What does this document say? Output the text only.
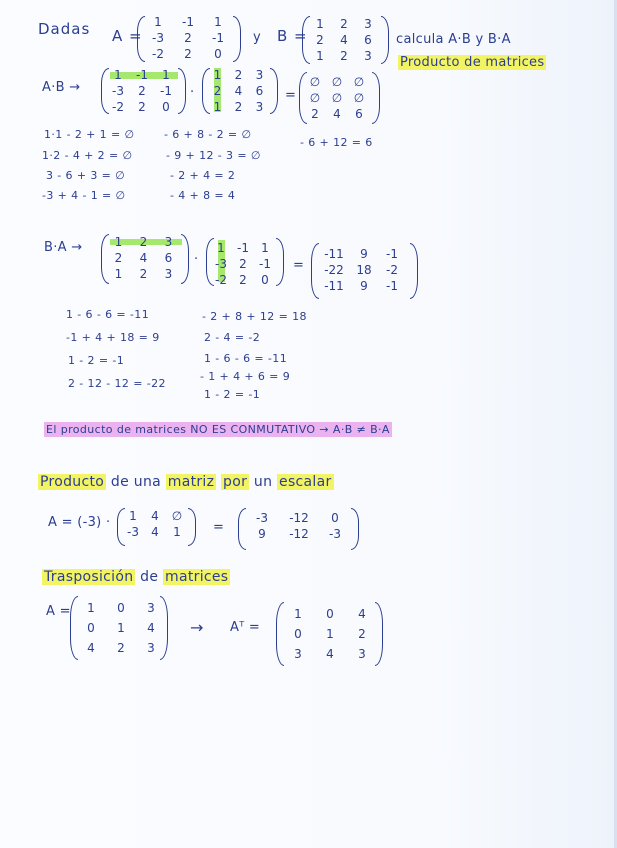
Dadas A =
1	-1	1
-3	2	-1
-2	2	0
y B =
1	2	3
2	4	6
1	2	3
calcula A·B y B·A
Producto de matrices
A·B →
1	-1	1
-3	2	-1
-2	2	0
·
1	2	3
2	4	6
1	2	3
=
∅ ∅ ∅
∅ ∅ ∅
2	4	6
1·1 - 2 + 1 = ∅
1·2 - 4 + 2 = ∅
3 - 6 + 3 = ∅
-3 + 4 - 1 = ∅
- 6 + 8 - 2 = ∅
- 9 + 12 - 3 = ∅
- 2 + 4 = 2
- 4 + 8 = 4
- 6 + 12 = 6
B·A →	1	2	3
2	4	6
1	2	3
·
1	-1	1
-3	2	-1
-2	2	0
=
-11	9	-1
-22	18	-2
-11	9	-1
1 - 6 - 6 = -11
-1 + 4 + 18 = 9
1 - 2 = -1
2 - 12 - 12 = -22
- 2 + 8 + 12 = 18
2 - 4 = -2
1 - 6 - 6 = -11
- 1 + 4 + 6 = 9
1 - 2 = -1
El producto de matrices NO ES CONMUTATIVO → A·B ≠ B·A
Producto de una matriz por un escalar
A = (-3) ·	1	4	∅
-3	4	1	=
-3	-12	0
9	-12	-3
Trasposición de matrices
A =	1	0	3
0	1	4
4	2	3
→ Aᵀ =
1	0	4
0	1	2
3	4	3
